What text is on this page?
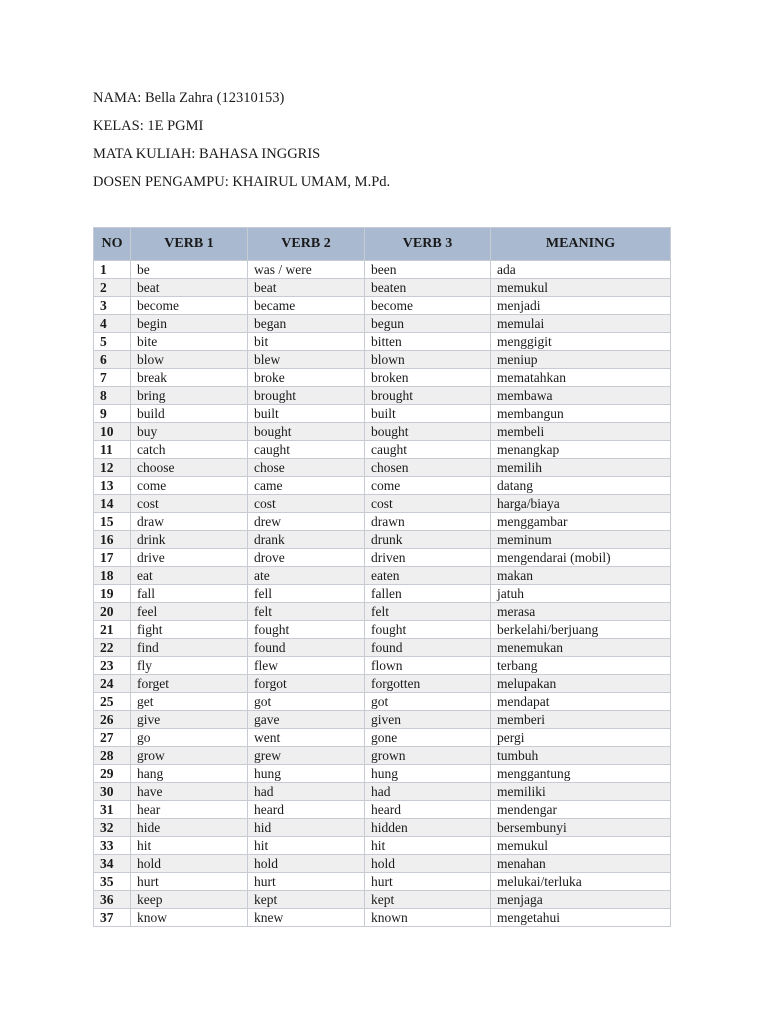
NAMA: Bella Zahra (12310153)
KELAS: 1E PGMI
MATA KULIAH: BAHASA INGGRIS
DOSEN PENGAMPU: KHAIRUL UMAM, M.Pd.
NO	VERB 1	VERB 2	VERB 3	MEANING
1	be	was / were	been	ada
2	beat	beat	beaten	memukul
3	become	became	become	menjadi
4	begin	began	begun	memulai
5	bite	bit	bitten	menggigit
6	blow	blew	blown	meniup
7	break	broke	broken	mematahkan
8	bring	brought	brought	membawa
9	build	built	built	membangun
10	buy	bought	bought	membeli
11	catch	caught	caught	menangkap
12	choose	chose	chosen	memilih
13	come	came	come	datang
14	cost	cost	cost	harga/biaya
15	draw	drew	drawn	menggambar
16	drink	drank	drunk	meminum
17	drive	drove	driven	mengendarai (mobil)
18	eat	ate	eaten	makan
19	fall	fell	fallen	jatuh
20	feel	felt	felt	merasa
21	fight	fought	fought	berkelahi/berjuang
22	find	found	found	menemukan
23	fly	flew	flown	terbang
24	forget	forgot	forgotten	melupakan
25	get	got	got	mendapat
26	give	gave	given	memberi
27	go	went	gone	pergi
28	grow	grew	grown	tumbuh
29	hang	hung	hung	menggantung
30	have	had	had	memiliki
31	hear	heard	heard	mendengar
32	hide	hid	hidden	bersembunyi
33	hit	hit	hit	memukul
34	hold	hold	hold	menahan
35	hurt	hurt	hurt	melukai/terluka
36	keep	kept	kept	menjaga
37	know	knew	known	mengetahui
